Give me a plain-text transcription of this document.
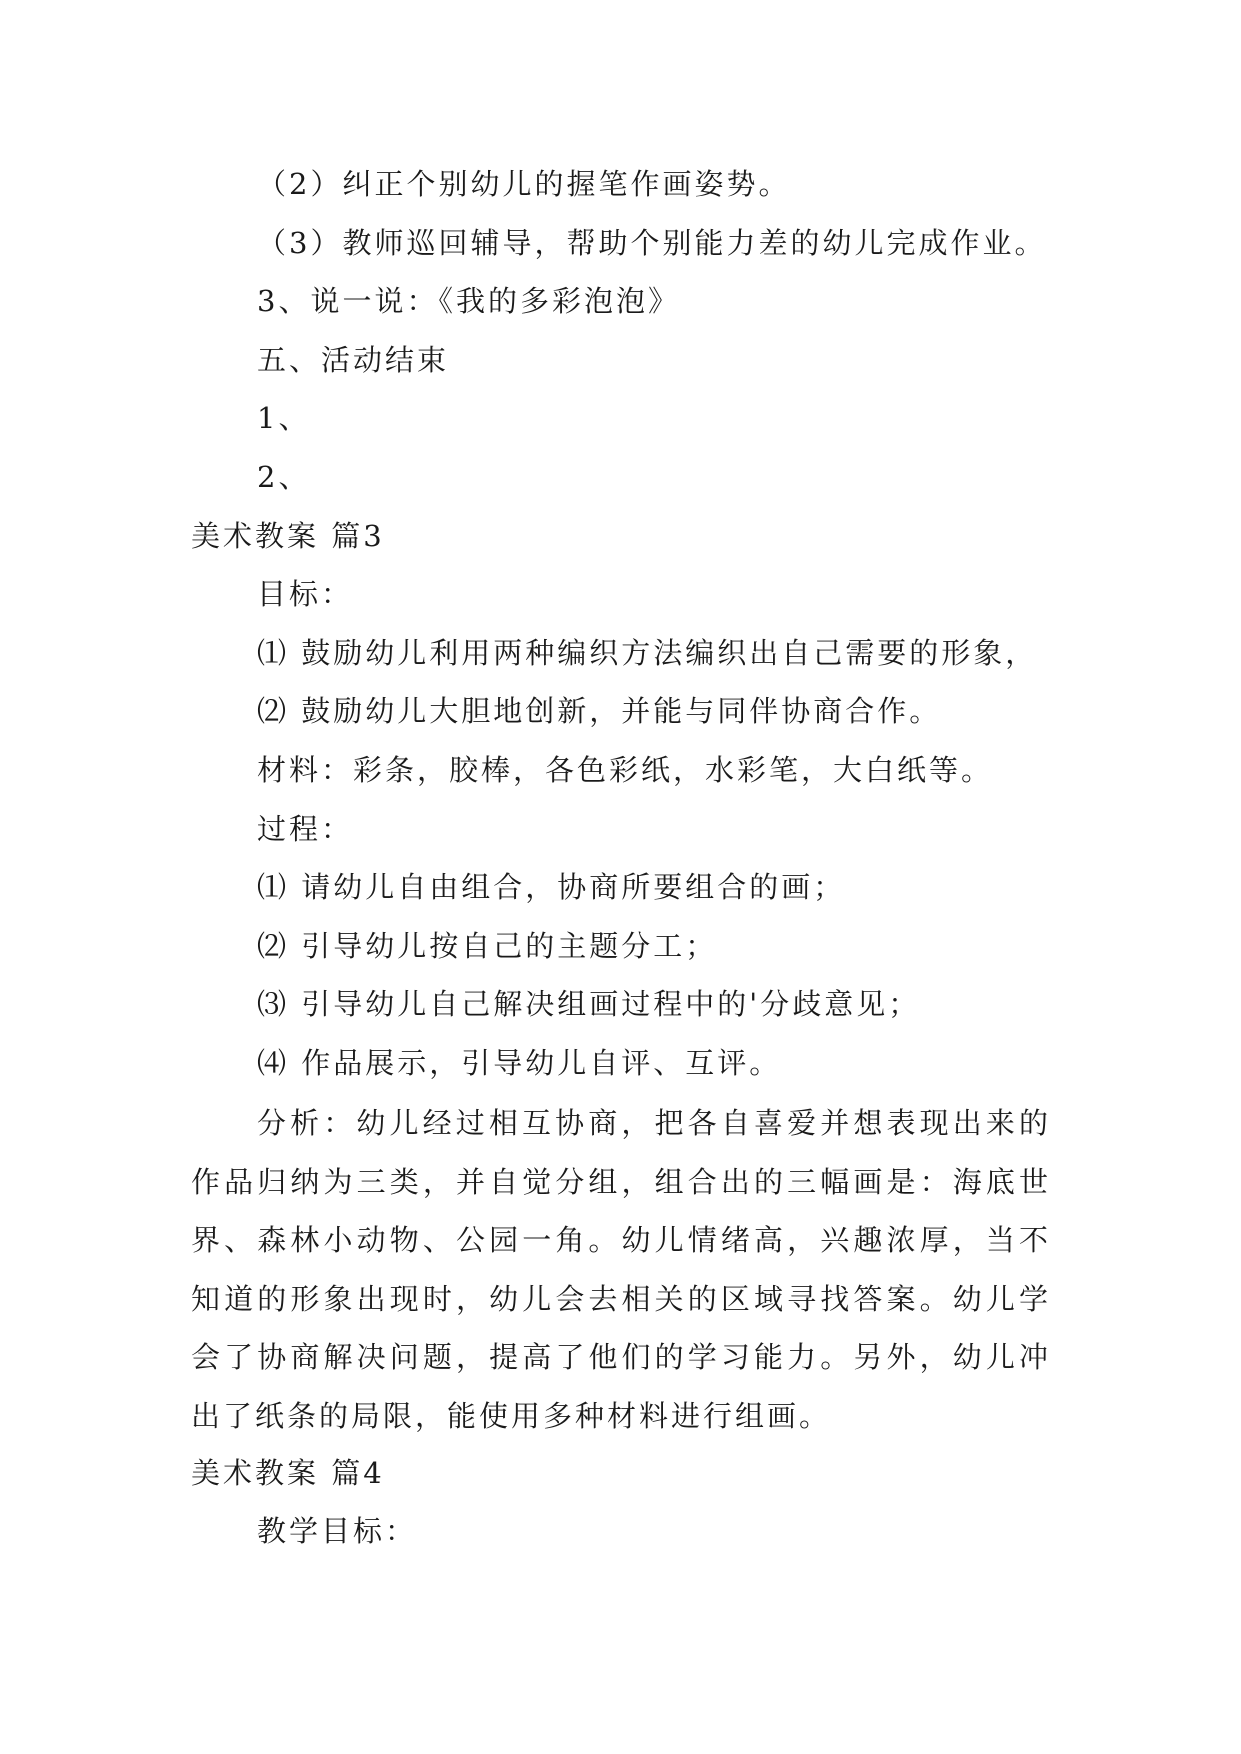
（2）纠正个别幼儿的握笔作画姿势。
（3）教师巡回辅导，帮助个别能力差的幼儿完成作业。
3、说一说：《我的多彩泡泡》
五、活动结束
1、
2、
美术教案 篇3
目标：
⑴ 鼓励幼儿利用两种编织方法编织出自己需要的形象，
⑵ 鼓励幼儿大胆地创新，并能与同伴协商合作。
材料：彩条，胶棒，各色彩纸，水彩笔，大白纸等。
过程：
⑴ 请幼儿自由组合，协商所要组合的画；
⑵ 引导幼儿按自己的主题分工；
⑶ 引导幼儿自己解决组画过程中的'分歧意见；
⑷ 作品展示，引导幼儿自评、互评。
分析：幼儿经过相互协商，把各自喜爱并想表现出来的作品归纳为三类，并自觉分组，组合出的三幅画是：海底世界、森林小动物、公园一角。幼儿情绪高，兴趣浓厚，当不知道的形象出现时，幼儿会去相关的区域寻找答案。幼儿学会了协商解决问题，提高了他们的学习能力。另外，幼儿冲出了纸条的局限，能使用多种材料进行组画。
美术教案 篇4
教学目标：
